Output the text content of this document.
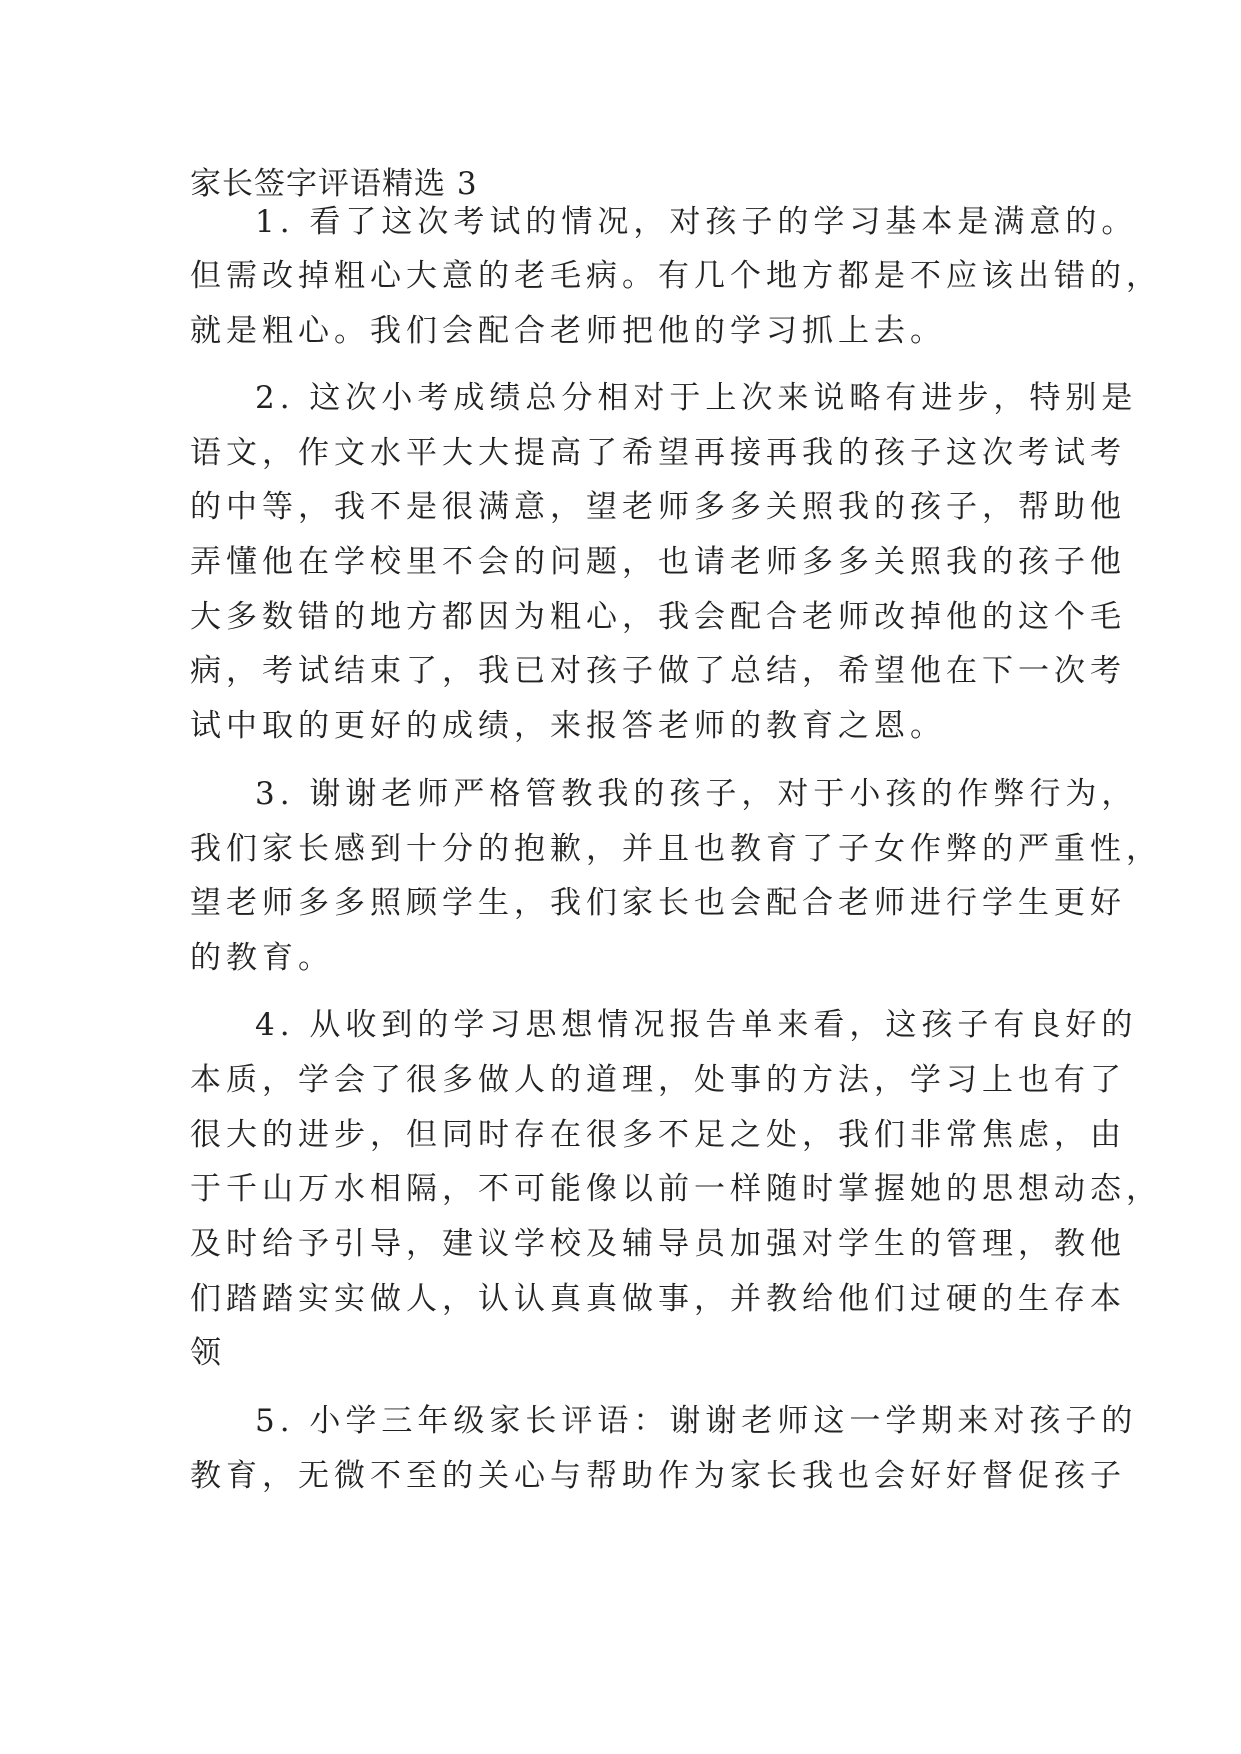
家长签字评语精选 3
1. 看了这次考试的情况，对孩子的学习基本是满意的。
但需改掉粗心大意的老毛病。有几个地方都是不应该出错的，
就是粗心。我们会配合老师把他的学习抓上去。
2. 这次小考成绩总分相对于上次来说略有进步，特别是
语文，作文水平大大提高了希望再接再我的孩子这次考试考
的中等，我不是很满意，望老师多多关照我的孩子，帮助他
弄懂他在学校里不会的问题，也请老师多多关照我的孩子他
大多数错的地方都因为粗心，我会配合老师改掉他的这个毛
病，考试结束了，我已对孩子做了总结，希望他在下一次考
试中取的更好的成绩，来报答老师的教育之恩。
3. 谢谢老师严格管教我的孩子，对于小孩的作弊行为，
我们家长感到十分的抱歉，并且也教育了子女作弊的严重性，
望老师多多照顾学生，我们家长也会配合老师进行学生更好
的教育。
4. 从收到的学习思想情况报告单来看，这孩子有良好的
本质，学会了很多做人的道理，处事的方法，学习上也有了
很大的进步，但同时存在很多不足之处，我们非常焦虑，由
于千山万水相隔，不可能像以前一样随时掌握她的思想动态，
及时给予引导，建议学校及辅导员加强对学生的管理，教他
们踏踏实实做人，认认真真做事，并教给他们过硬的生存本
领
5. 小学三年级家长评语：谢谢老师这一学期来对孩子的
教育，无微不至的关心与帮助作为家长我也会好好督促孩子
